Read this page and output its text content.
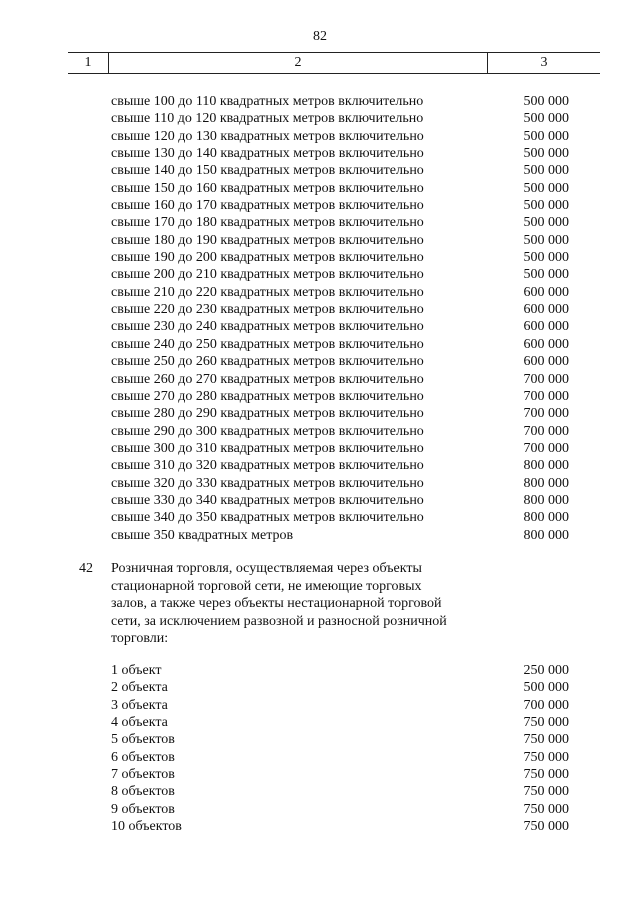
82
1	2	3
свыше 100 до 110 квадратных метров включительно	500 000
свыше 110 до 120 квадратных метров включительно	500 000
свыше 120 до 130 квадратных метров включительно	500 000
свыше 130 до 140 квадратных метров включительно	500 000
свыше 140 до 150 квадратных метров включительно	500 000
свыше 150 до 160 квадратных метров включительно	500 000
свыше 160 до 170 квадратных метров включительно	500 000
свыше 170 до 180 квадратных метров включительно	500 000
свыше 180 до 190 квадратных метров включительно	500 000
свыше 190 до 200 квадратных метров включительно	500 000
свыше 200 до 210 квадратных метров включительно	500 000
свыше 210 до 220 квадратных метров включительно	600 000
свыше 220 до 230 квадратных метров включительно	600 000
свыше 230 до 240 квадратных метров включительно	600 000
свыше 240 до 250 квадратных метров включительно	600 000
свыше 250 до 260 квадратных метров включительно	600 000
свыше 260 до 270 квадратных метров включительно	700 000
свыше 270 до 280 квадратных метров включительно	700 000
свыше 280 до 290 квадратных метров включительно	700 000
свыше 290 до 300 квадратных метров включительно	700 000
свыше 300 до 310 квадратных метров включительно	700 000
свыше 310 до 320 квадратных метров включительно	800 000
свыше 320 до 330 квадратных метров включительно	800 000
свыше 330 до 340 квадратных метров включительно	800 000
свыше 340 до 350 квадратных метров включительно	800 000
свыше 350 квадратных метров	800 000
42 Розничная торговля, осуществляемая через объекты
стационарной торговой сети, не имеющие торговых
залов, а также через объекты нестационарной торговой
сети, за исключением развозной и разносной розничной
торговли:
1 объект	250 000
2 объекта	500 000
3 объекта	700 000
4 объекта	750 000
5 объектов	750 000
6 объектов	750 000
7 объектов	750 000
8 объектов	750 000
9 объектов	750 000
10 объектов	750 000
